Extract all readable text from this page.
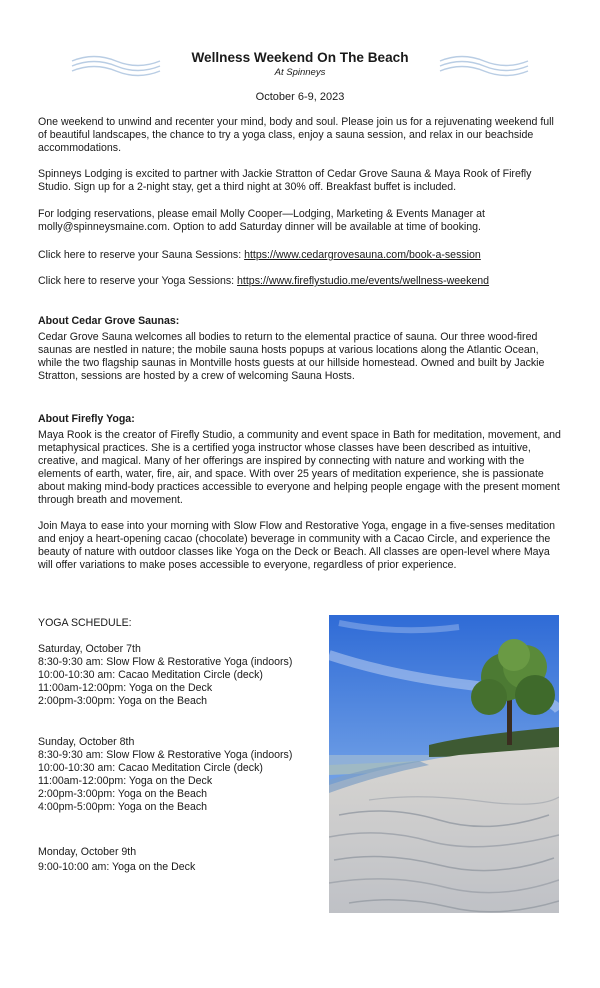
Wellness Weekend On The Beach
At Spinneys
October 6-9, 2023

One weekend to unwind and recenter your mind, body and soul. Please join us for a rejuvenating weekend full of beautiful landscapes, the chance to try a yoga class, enjoy a sauna session, and relax in our beachside accommodations.

Spinneys Lodging is excited to partner with Jackie Stratton of Cedar Grove Sauna & Maya Rook of Firefly Studio. Sign up for a 2-night stay, get a third night at 30% off. Breakfast buffet is included.

For lodging reservations, please email Molly Cooper—Lodging, Marketing & Events Manager at molly@spinneysmaine.com. Option to add Saturday dinner will be available at time of booking.

Click here to reserve your Sauna Sessions: https://www.cedargrovesauna.com/book-a-session
Click here to reserve your Yoga Sessions: https://www.fireflystudio.me/events/wellness-weekend

About Cedar Grove Saunas:

Cedar Grove Sauna welcomes all bodies to return to the elemental practice of sauna. Our three wood-fired saunas are nestled in nature; the mobile sauna hosts popups at various locations along the Atlantic Ocean, while the two flagship saunas in Montville hosts guests at our hillside homestead. Owned and built by Jackie Stratton, sessions are hosted by a crew of welcoming Sauna Hosts.

About Firefly Yoga:

Maya Rook is the creator of Firefly Studio, a community and event space in Bath for meditation, movement, and metaphysical practices. She is a certified yoga instructor whose classes have been described as intuitive, creative, and magical. Many of her offerings are inspired by connecting with nature and working with the elements of earth, water, fire, air, and space. With over 25 years of meditation experience, she is passionate about making mind-body practices accessible to everyone and helping people engage with the present moment through breath and movement.

Join Maya to ease into your morning with Slow Flow and Restorative Yoga, engage in a five-senses meditation and enjoy a heart-opening cacao (chocolate) beverage in community with a Cacao Circle, and experience the beauty of nature with outdoor classes like Yoga on the Deck or Beach. All classes are open-level where Maya will offer variations to make poses accessible to everyone, regardless of prior experience.

YOGA SCHEDULE:
Saturday, October 7th
8:30-9:30 am: Slow Flow & Restorative Yoga (indoors)
10:00-10:30 am: Cacao Meditation Circle (deck)
11:00am-12:00pm: Yoga on the Deck
2:00pm-3:00pm: Yoga on the Beach
Sunday, October 8th
8:30-9:30 am: Slow Flow & Restorative Yoga (indoors)
10:00-10:30 am: Cacao Meditation Circle (deck)
11:00am-12:00pm: Yoga on the Deck
2:00pm-3:00pm: Yoga on the Beach
4:00pm-5:00pm: Yoga on the Beach
Monday, October 9th
9:00-10:00 am: Yoga on the Deck
